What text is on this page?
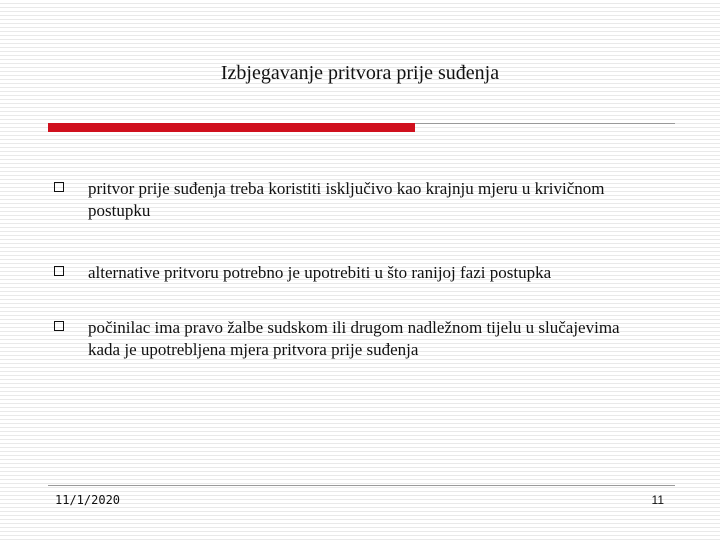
Izbjegavanje pritvora prije suđenja
pritvor prije suđenja treba koristiti isključivo kao krajnju mjeru u krivičnom postupku
alternative pritvoru potrebno je upotrebiti u što ranijoj fazi postupka
počinilac ima pravo žalbe sudskom ili drugom nadležnom tijelu u slučajevima kada je upotrebljena mjera pritvora prije suđenja
11/1/2020	11
